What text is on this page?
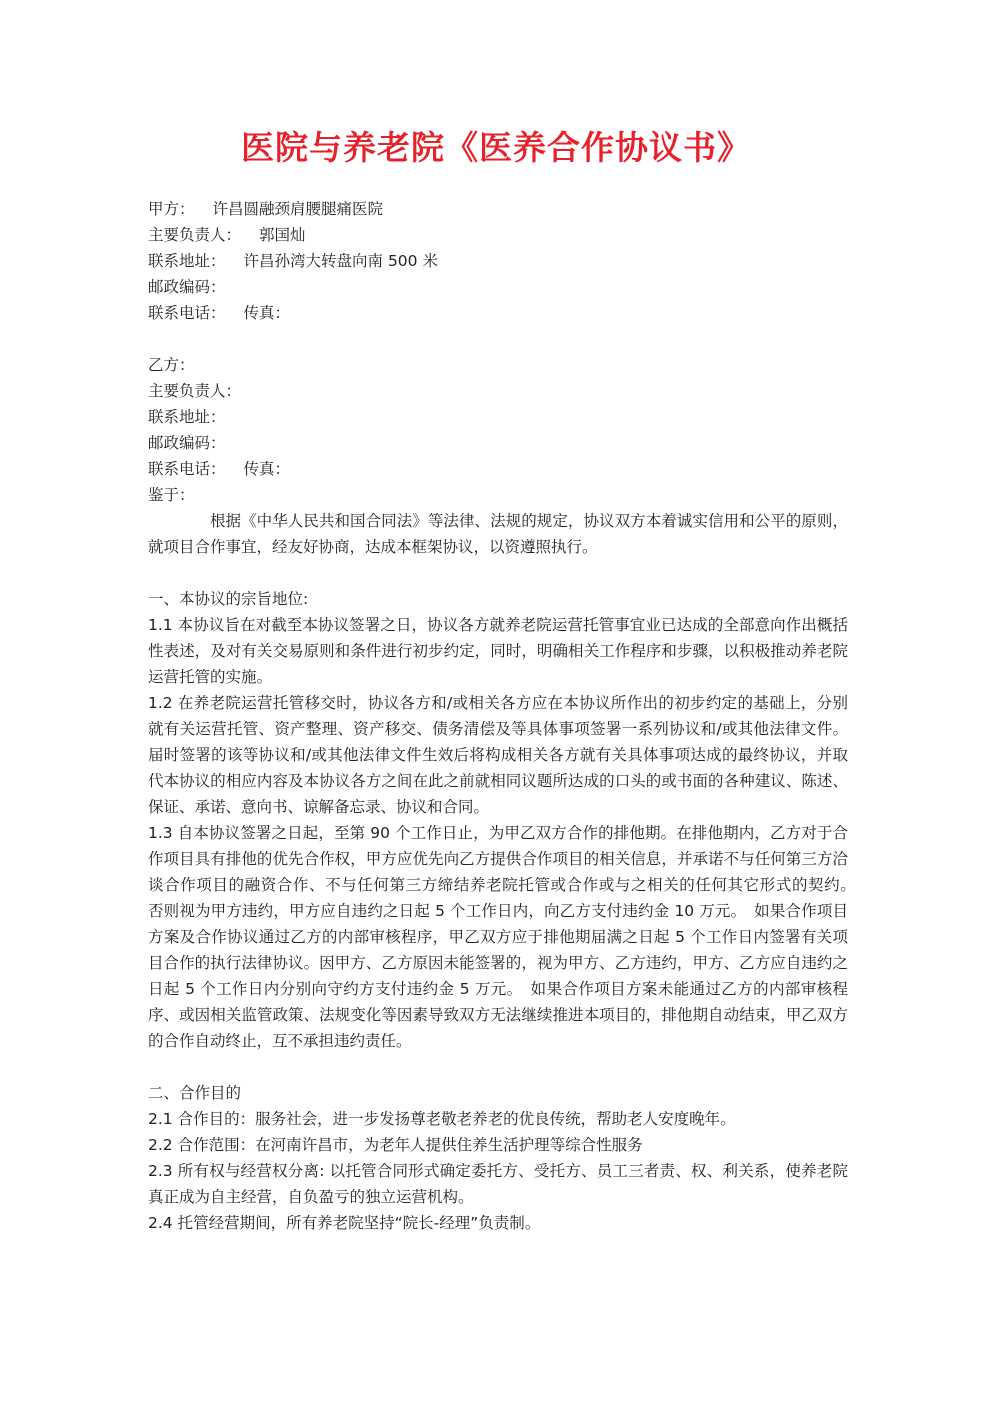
医院与养老院《医养合作协议书》
甲方： 许昌圆融颈肩腰腿痛医院
主要负责人： 郭国灿
联系地址： 许昌孙湾大转盘向南 500 米
邮政编码：
联系电话： 传真：
乙方：
主要负责人：
联系地址：
邮政编码：
联系电话： 传真：
鉴于：
根据《中华人民共和国合同法》等法律、法规的规定，协议双方本着诚实信用和公平的原则，就项目合作事宜，经友好协商，达成本框架协议，以资遵照执行。
一、本协议的宗旨地位:
1.1 本协议旨在对截至本协议签署之日，协议各方就养老院运营托管事宜业已达成的全部意向作出概括性表述，及对有关交易原则和条件进行初步约定，同时，明确相关工作程序和步骤，以积极推动养老院运营托管的实施。
1.2 在养老院运营托管移交时，协议各方和/或相关各方应在本协议所作出的初步约定的基础上，分别就有关运营托管、资产整理、资产移交、债务清偿及等具体事项签署一系列协议和/或其他法律文件。届时签署的该等协议和/或其他法律文件生效后将构成相关各方就有关具体事项达成的最终协议，并取代本协议的相应内容及本协议各方之间在此之前就相同议题所达成的口头的或书面的各种建议、陈述、保证、承诺、意向书、谅解备忘录、协议和合同。
1.3 自本协议签署之日起，至第 90 个工作日止，为甲乙双方合作的排他期。在排他期内，乙方对于合作项目具有排他的优先合作权，甲方应优先向乙方提供合作项目的相关信息，并承诺不与任何第三方洽谈合作项目的融资合作、不与任何第三方缔结养老院托管或合作或与之相关的任何其它形式的契约。　　否则视为甲方违约，甲方应自违约之日起 5 个工作日内，向乙方支付违约金 10 万元。　如果合作项目方案及合作协议通过乙方的内部审核程序，甲乙双方应于排他期届满之日起 5 个工作日内签署有关项目合作的执行法律协议。因甲方、乙方原因未能签署的，视为甲方、乙方违约，甲方、乙方应自违约之日起 5 个工作日内分别向守约方支付违约金 5 万元。　如果合作项目方案未能通过乙方的内部审核程序、或因相关监管政策、法规变化等因素导致双方无法继续推进本项目的，排他期自动结束，甲乙双方的合作自动终止，互不承担违约责任。
二、合作目的
2.1 合作目的：服务社会，进一步发扬尊老敬老养老的优良传统，帮助老人安度晚年。
2.2 合作范围：在河南许昌市，为老年人提供住养生活护理等综合性服务
2.3 所有权与经营权分离: 以托管合同形式确定委托方、受托方、员工三者责、权、利关系，使养老院真正成为自主经营，自负盈亏的独立运营机构。
2.4 托管经营期间，所有养老院坚持“院长-经理”负责制。
